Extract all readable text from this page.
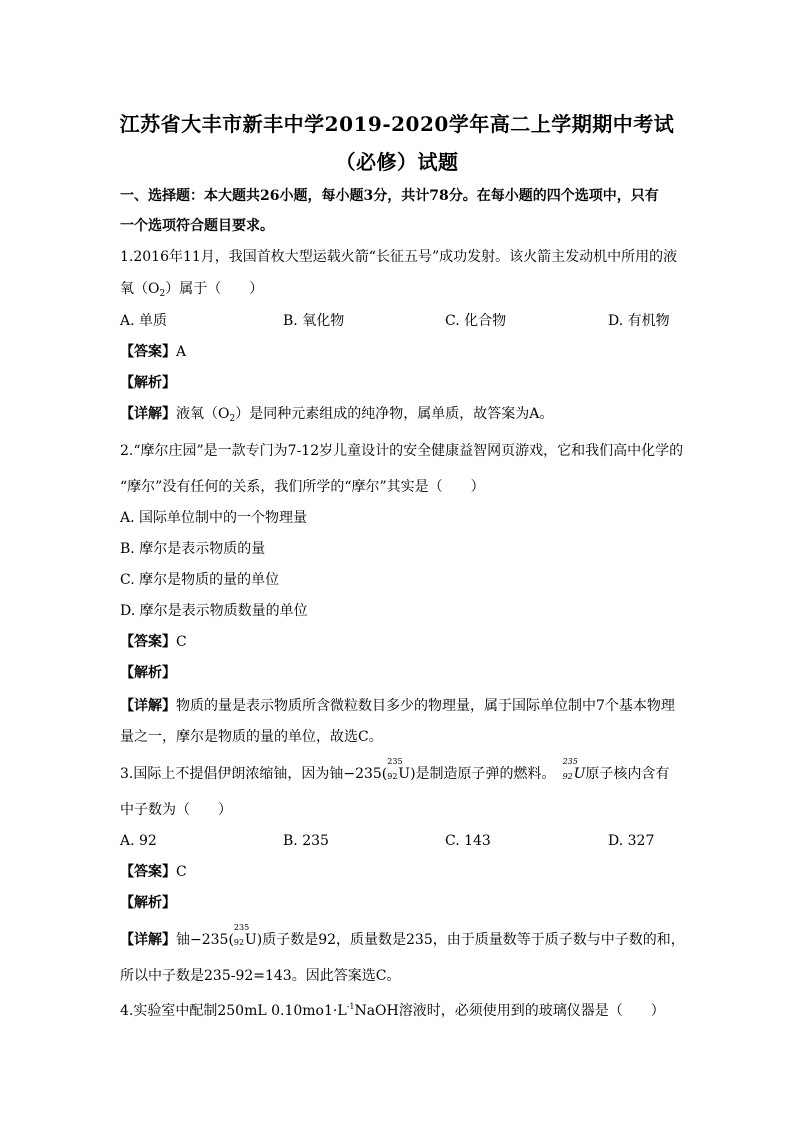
江苏省大丰市新丰中学2019-2020学年高二上学期期中考试
（必修）试题
一、选择题：本大题共26小题，每小题3分，共计78分。在每小题的四个选项中，只有
一个选项符合题目要求。
1.2016年11月，我国首枚大型运载火箭“长征五号”成功发射。该火箭主发动机中所用的液
氧$(O_2)$属于（　　）
A. 单质	B. 氧化物	C. 化合物	D. 有机物
【答案】A
【解析】
【详解】液氧$(O_2)$是同种元素组成的纯净物，属单质，故答案为A。
2.“摩尔庄园”是一款专门为7-12岁儿童设计的安全健康益智网页游戏，它和我们高中化学的
“摩尔”没有任何的关系，我们所学的“摩尔”其实是（　　）
A. 国际单位制中的一个物理量
B. 摩尔是表示物质的量
C. 摩尔是物质的量的单位
D. 摩尔是表示物质数量的单位
【答案】C
【解析】
【详解】物质的量是表示物质所含微粒数目多少的物理量，属于国际单位制中7个基本物理
量之一，摩尔是物质的量的单位，故选C。
3.国际上不提倡伊朗浓缩铀，因为铀−235(
235
92 U)是制造原子弹的燃料。 
235
92 U原子核内含有
中子数为（　　）
A. 92	B. 235	C. 143	D. 327
【答案】C
【解析】
【详解】铀−235(
235
92 U)质子数是92，质量数是235，由于质量数等于质子数与中子数的和，
所以中子数是235-92=143。因此答案选C。
4.实验室中配制250mL $0.10mo1\cdot L^{-1}NaOH$溶液时，必须使用到的玻璃仪器是（　　）
